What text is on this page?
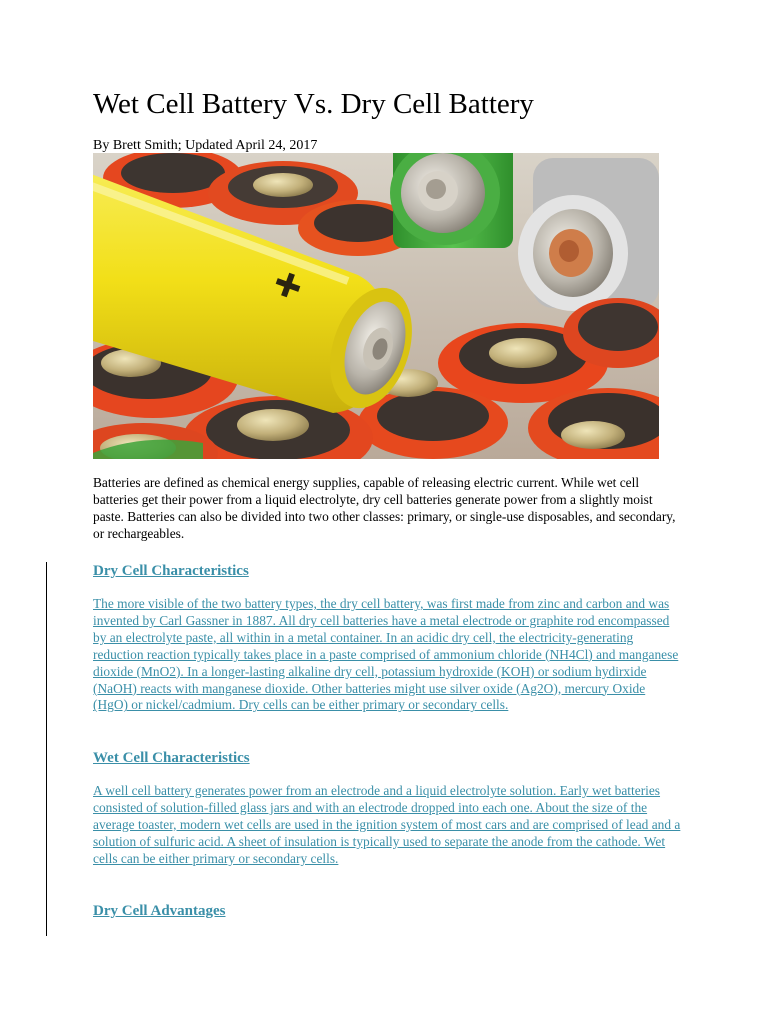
Wet Cell Battery Vs. Dry Cell Battery

By Brett Smith; Updated April 24, 2017

Batteries are defined as chemical energy supplies, capable of releasing electric current. While wet cell batteries get their power from a liquid electrolyte, dry cell batteries generate power from a slightly moist paste. Batteries can also be divided into two other classes: primary, or single-use disposables, and secondary, or rechargeables.

Dry Cell Characteristics

The more visible of the two battery types, the dry cell battery, was first made from zinc and carbon and was invented by Carl Gassner in 1887. All dry cell batteries have a metal electrode or graphite rod encompassed by an electrolyte paste, all within in a metal container. In an acidic dry cell, the electricity-generating reduction reaction typically takes place in a paste comprised of ammonium chloride (NH4Cl) and manganese dioxide (MnO2). In a longer-lasting alkaline dry cell, potassium hydroxide (KOH) or sodium hydirxide (NaOH) reacts with manganese dioxide. Other batteries might use silver oxide (Ag2O), mercury Oxide (HgO) or nickel/cadmium. Dry cells can be either primary or secondary cells.

Wet Cell Characteristics

A well cell battery generates power from an electrode and a liquid electrolyte solution. Early wet batteries consisted of solution-filled glass jars and with an electrode dropped into each one. About the size of the average toaster, modern wet cells are used in the ignition system of most cars and are comprised of lead and a solution of sulfuric acid. A sheet of insulation is typically used to separate the anode from the cathode. Wet cells can be either primary or secondary cells.

Dry Cell Advantages
